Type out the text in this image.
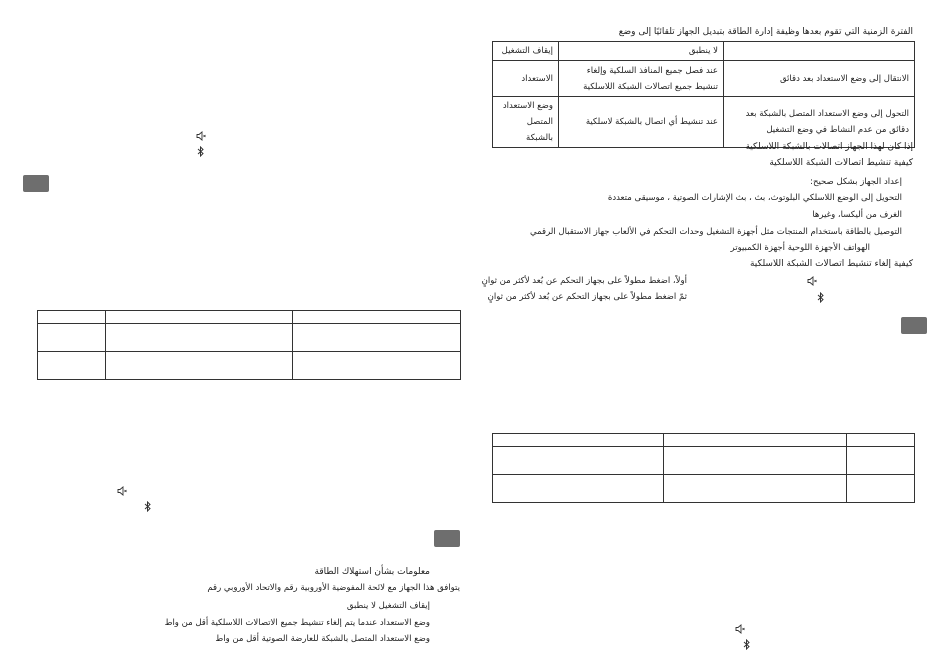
معلومات بشأن استهلاك الطاقة
يتوافق هذا الجهاز مع لائحة المفوضية الأوروبية رقم والاتحاد الأوروبي رقم
إيقاف التشغيل لا ينطبق
وضع الاستعداد عندما يتم إلغاء تنشيط جميع الاتصالات اللاسلكية أقل من واط
وضع الاستعداد المتصل بالشبكة للعارضة الصوتية أقل من واط
الفترة الزمنية التي تقوم بعدها وظيفة إدارة الطاقة بتبديل الجهاز تلقائيًا إلى وضع
إيقاف التشغيل	لا ينطبق	
الاستعداد	عند فصل جميع المنافذ السلكية وإلغاء تنشيط جميع اتصالات الشبكة اللاسلكية	الانتقال إلى وضع الاستعداد بعد دقائق
وضع الاستعداد المتصل بالشبكة	عند تنشيط أي اتصال بالشبكة لاسلكية	التحول إلى وضع الاستعداد المتصل بالشبكة بعد دقائق من عدم النشاط في وضع التشغيل
إذا كان لهذا الجهاز اتصالات بالشبكة اللاسلكية
كيفية تنشيط اتصالات الشبكة اللاسلكية
إعداد الجهاز بشكل صحيح:
التحويل إلى الوضع اللاسلكي البلوتوث، بث ، بث الإشارات الصوتية ، موسيقى متعددة
الغرف من أليكسا، وغيرها
التوصيل بالطاقة باستخدام المنتجات مثل أجهزة التشغيل وحدات التحكم في الألعاب جهاز الاستقبال الرقمي
الهواتف الأجهزة اللوحية أجهزة الكمبيوتر
كيفية إلغاء تنشيط اتصالات الشبكة اللاسلكية
أولاً، اضغط مطولاً على بجهاز التحكم عن بُعد لأكثر من ثوانٍ
ثمّ اضغط مطولاً على بجهاز التحكم عن بُعد لأكثر من ثوانٍ
